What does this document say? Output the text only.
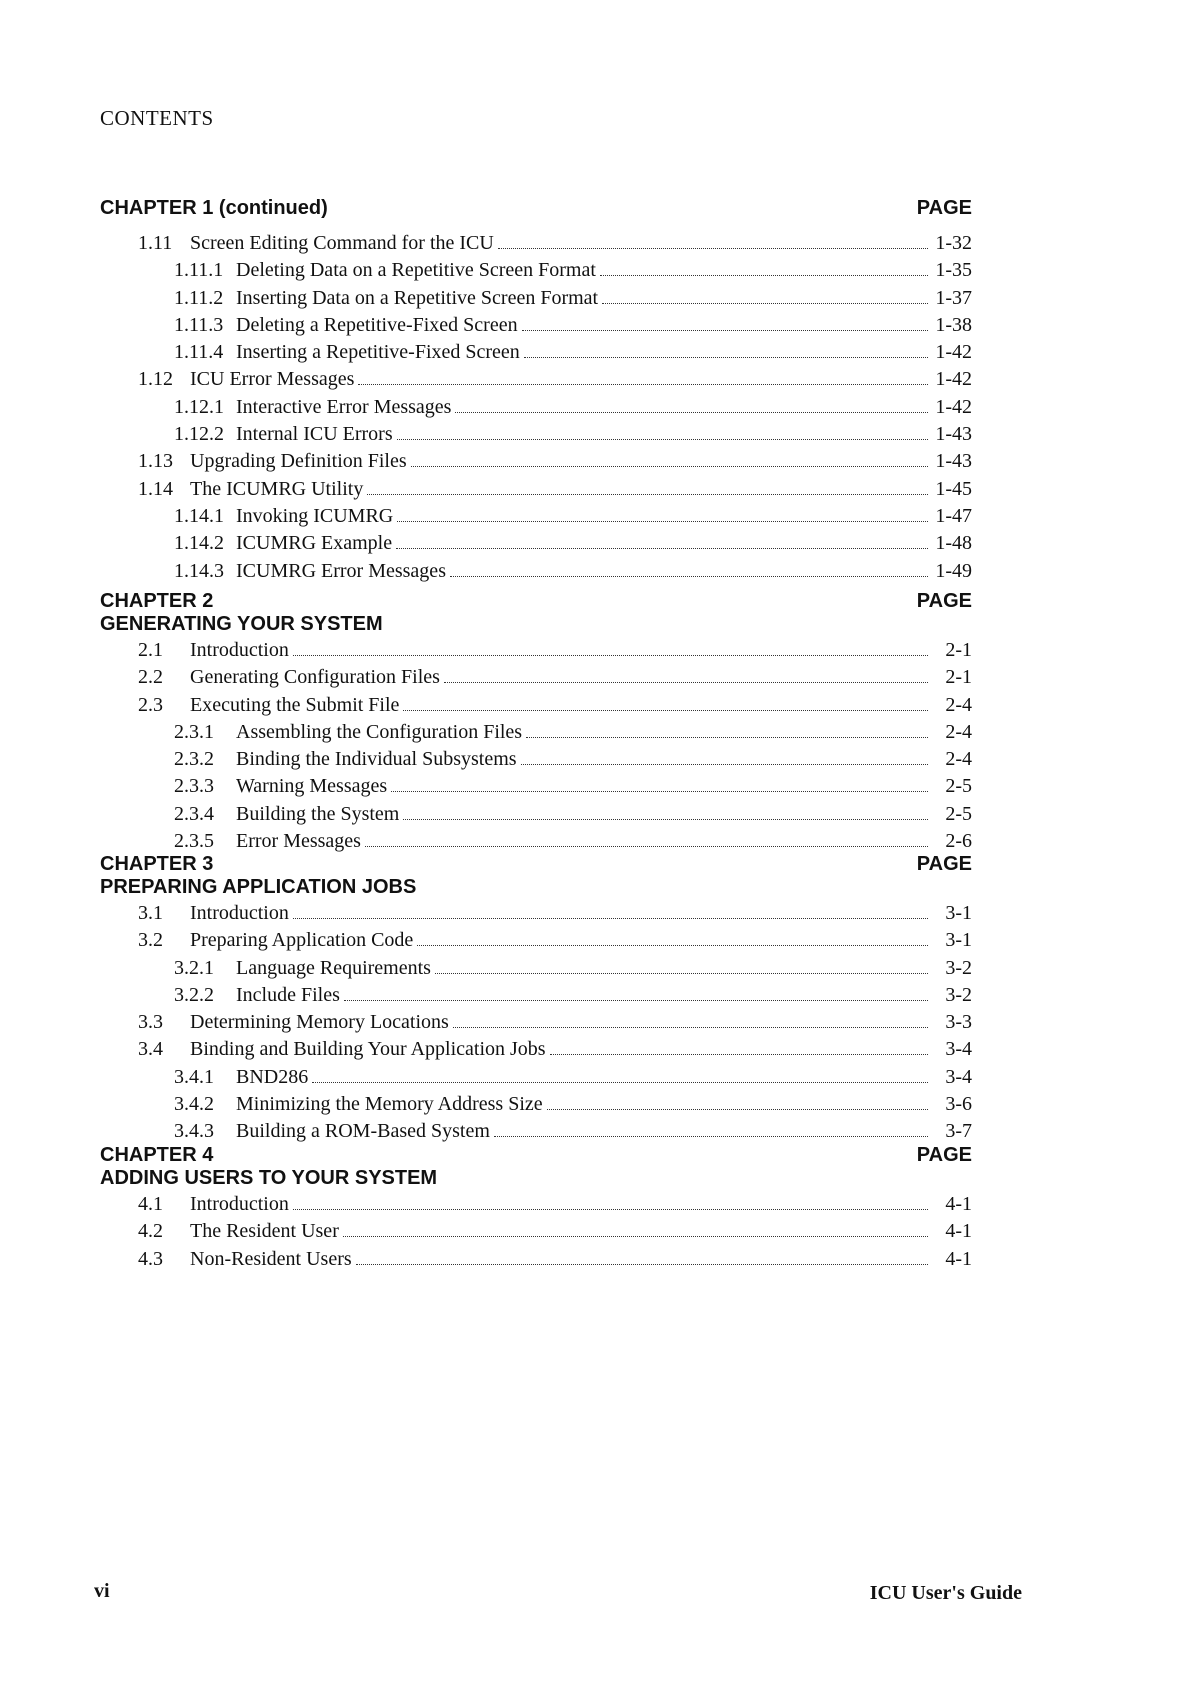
CONTENTS
CHAPTER 1 (continued)	PAGE
1.11 Screen Editing Command for the ICU	1-32
1.11.1 Deleting Data on a Repetitive Screen Format	1-35
1.11.2 Inserting Data on a Repetitive Screen Format	1-37
1.11.3 Deleting a Repetitive-Fixed Screen	1-38
1.11.4 Inserting a Repetitive-Fixed Screen	1-42
1.12 ICU Error Messages	1-42
1.12.1 Interactive Error Messages	1-42
1.12.2 Internal ICU Errors	1-43
1.13 Upgrading Definition Files	1-43
1.14 The ICUMRG Utility	1-45
1.14.1 Invoking ICUMRG	1-47
1.14.2 ICUMRG Example	1-48
1.14.3 ICUMRG Error Messages	1-49
CHAPTER 2	PAGE
GENERATING YOUR SYSTEM
2.1	Introduction	2-1
2.2	Generating Configuration Files	2-1
2.3	Executing the Submit File	2-4
2.3.1	Assembling the Configuration Files	2-4
2.3.2	Binding the Individual Subsystems	2-4
2.3.3	Warning Messages	2-5
2.3.4	Building the System	2-5
2.3.5	Error Messages	2-6
CHAPTER 3	PAGE
PREPARING APPLICATION JOBS
3.1	Introduction	3-1
3.2	Preparing Application Code	3-1
3.2.1	Language Requirements	3-2
3.2.2	Include Files	3-2
3.3	Determining Memory Locations	3-3
3.4	Binding and Building Your Application Jobs	3-4
3.4.1	BND286	3-4
3.4.2	Minimizing the Memory Address Size	3-6
3.4.3	Building a ROM-Based System	3-7
CHAPTER 4	PAGE
ADDING USERS TO YOUR SYSTEM
4.1	Introduction	4-1
4.2	The Resident User	4-1
4.3	Non-Resident Users	4-1
vi	ICU User's Guide
